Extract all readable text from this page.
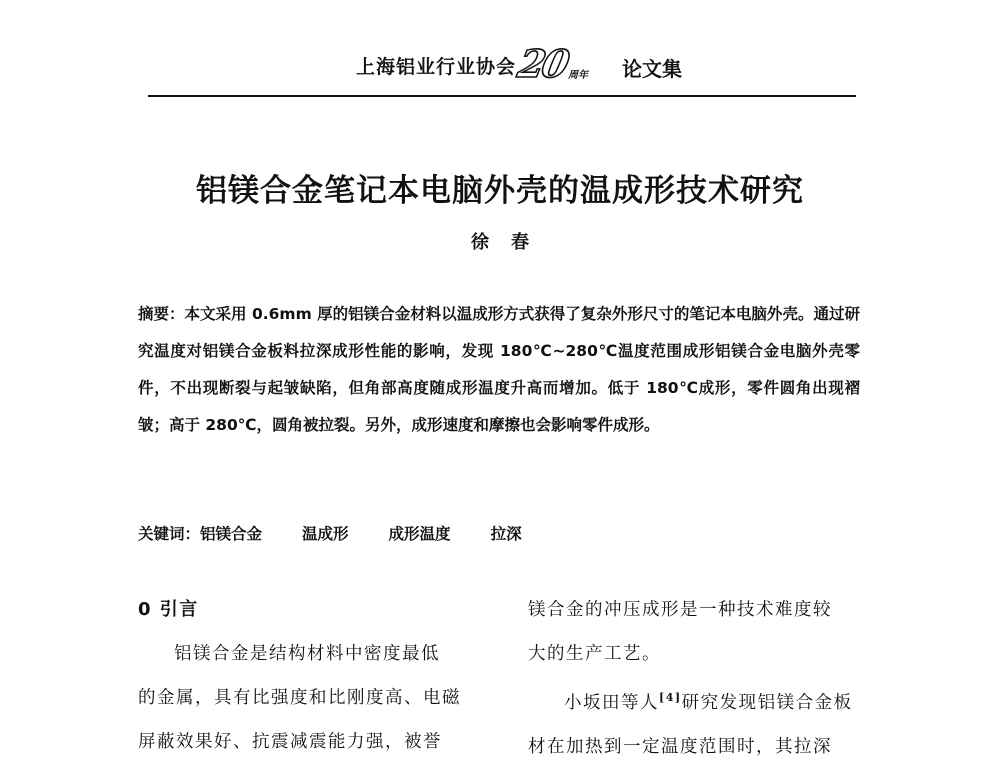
上海铝业行业协会
20
周年 论文集
铝镁合金笔记本电脑外壳的温成形技术研究
徐春
摘要：本文采用 0.6mm 厚的铝镁合金材料以温成形方式获得了复杂外形尺寸的笔记本电脑外壳。通过研究温度对铝镁合金板料拉深成形性能的影响，发现 180℃~280℃温度范围成形铝镁合金电脑外壳零件，不出现断裂与起皱缺陷，但角部高度随成形温度升高而增加。低于 180℃成形，零件圆角出现褶皱；高于 280℃，圆角被拉裂。另外，成形速度和摩擦也会影响零件成形。
关键词：铝镁合金	温成形	成形温度	拉深
0 引言
铝镁合金是结构材料中密度最低
的金属，具有比强度和比刚度高、电磁
屏蔽效果好、抗震减震能力强，被誉
镁合金的冲压成形是一种技术难度较
大的生产工艺。
小坂田等人[4]研究发现铝镁合金板
材在加热到一定温度范围时，其拉深
